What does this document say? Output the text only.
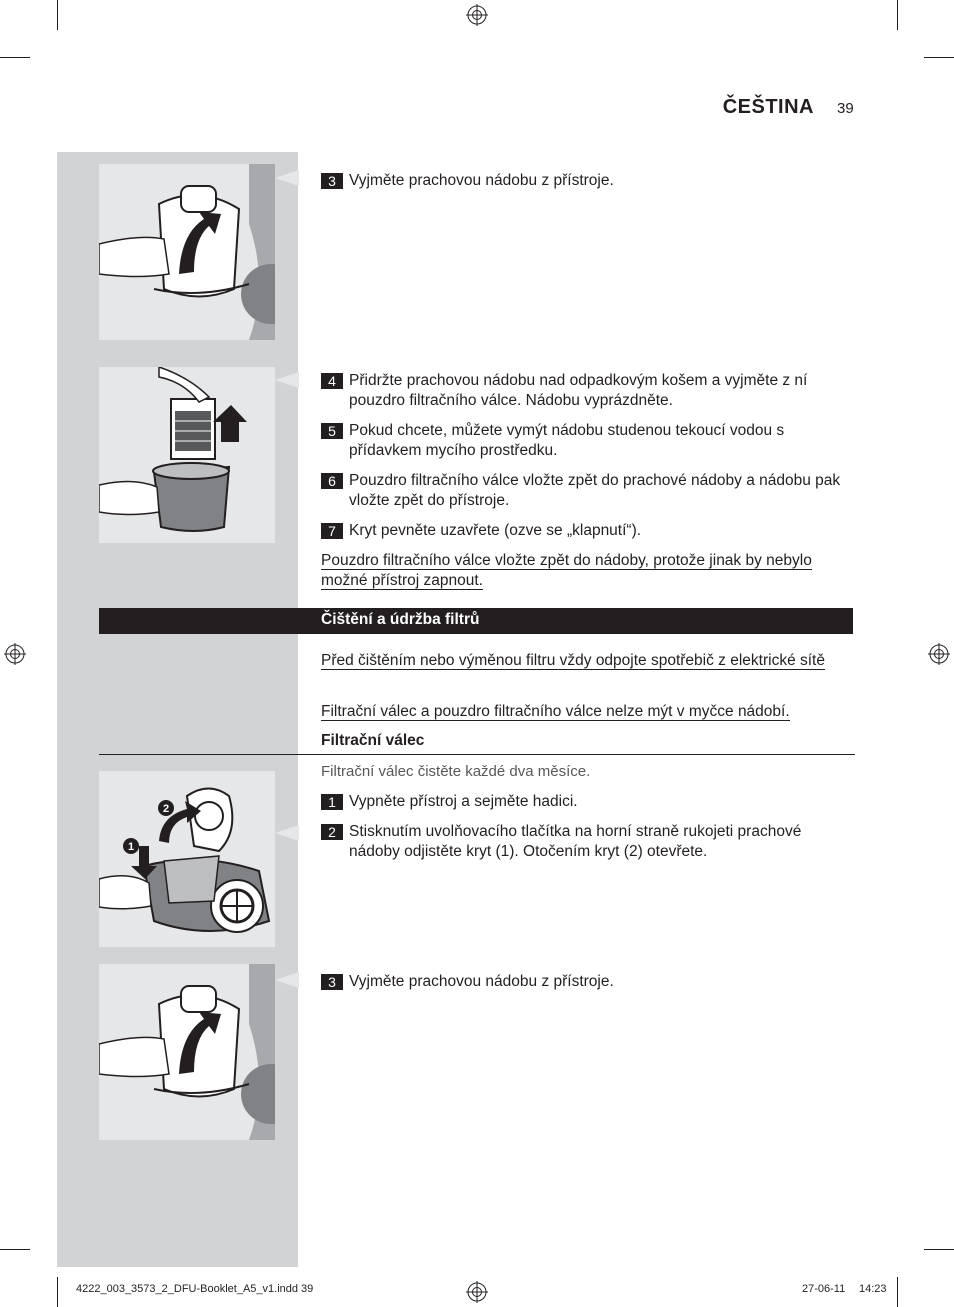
ČEŠTINA 39
3 Vyjměte prachovou nádobu z přístroje.
4 Přidržte prachovou nádobu nad odpadkovým košem a vyjměte z ní pouzdro filtračního válce. Nádobu vyprázdněte.
5 Pokud chcete, můžete vymýt nádobu studenou tekoucí vodou s přídavkem mycího prostředku.
6 Pouzdro filtračního válce vložte zpět do prachové nádoby a nádobu pak vložte zpět do přístroje.
7 Kryt pevněte uzavřete (ozve se „klapnutí“).
Pouzdro filtračního válce vložte zpět do nádoby, protože jinak by nebylo možné přístroj zapnout.
Čištění a údržba filtrů
Před čištěním nebo výměnou filtru vždy odpojte spotřebič z elektrické sítě
Filtrační válec a pouzdro filtračního válce nelze mýt v myčce nádobí.
Filtrační válec
Filtrační válec čistěte každé dva měsíce.
2
1
1 Vypněte přístroj a sejměte hadici.
2 Stisknutím uvolňovacího tlačítka na horní straně rukojeti prachové nádoby odjistěte kryt (1). Otočením kryt (2) otevřete.
3 Vyjměte prachovou nádobu z přístroje.
4222_003_3573_2_DFU-Booklet_A5_v1.indd 39	27-06-11 14:23
